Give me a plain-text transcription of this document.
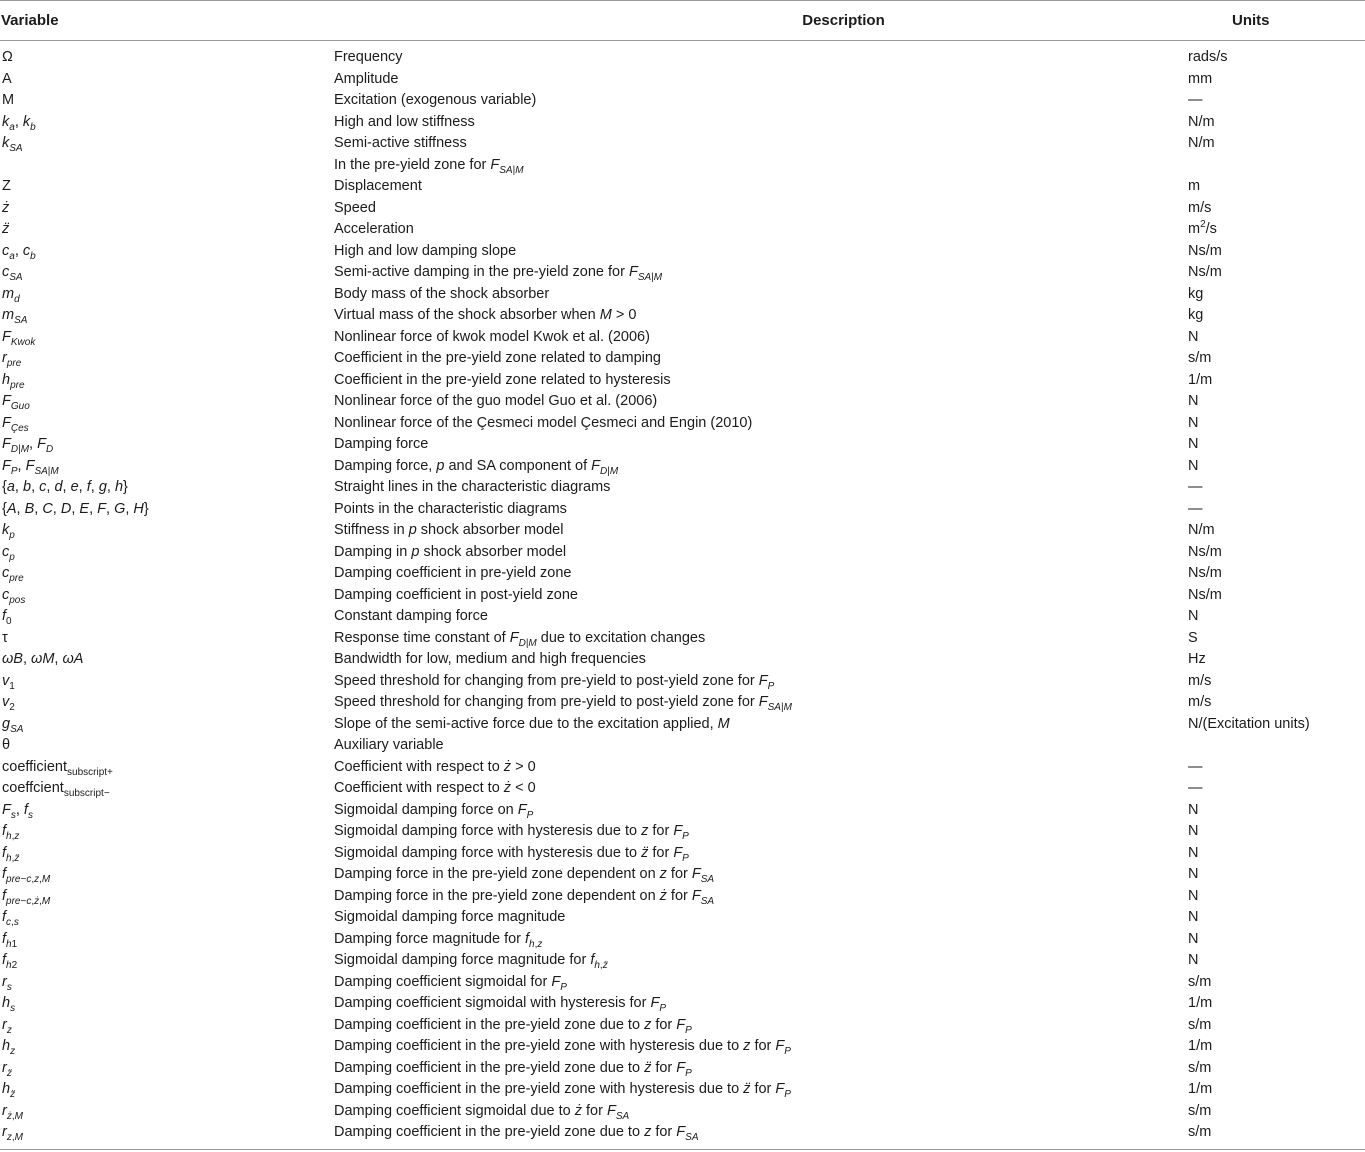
Variable	Description	Units
Ω	Frequency	rads/s
A	Amplitude	mm
M	Excitation (exogenous variable)	—
$k_a$, $k_b$	High and low stiffness	N/m
$k_{SA}$	Semi-active stiffness	N/m
	In the pre-yield zone for $F_{SA|M}$	
Z	Displacement	m
ż	Speed	m/s
z̈	Acceleration	$m^2/s$
$c_a$, $c_b$	High and low damping slope	Ns/m
$c_{SA}$	Semi-active damping in the pre-yield zone for $F_{SA|M}$	Ns/m
$m_d$	Body mass of the shock absorber	kg
$m_{SA}$	Virtual mass of the shock absorber when M > 0	kg
$F_{Kwok}$	Nonlinear force of kwok model Kwok et al. (2006)	N
$r_{pre}$	Coefficient in the pre-yield zone related to damping	s/m
$h_{pre}$	Coefficient in the pre-yield zone related to hysteresis	1/m
$F_{Guo}$	Nonlinear force of the guo model Guo et al. (2006)	N
$F_{Çes}$	Nonlinear force of the Çesmeci model Çesmeci and Engin (2010)	N
$F_{D|M}$, $F_D$	Damping force	N
$F_P$, $F_{SA|M}$	Damping force, p and SA component of $F_{D|M}$	N
{a, b, c, d, e, f, g, h}	Straight lines in the characteristic diagrams	—
{A, B, C, D, E, F, G, H}	Points in the characteristic diagrams	—
$k_p$	Stiffness in p shock absorber model	N/m
$c_p$	Damping in p shock absorber model	Ns/m
$c_{pre}$	Damping coefficient in pre-yield zone	Ns/m
$c_{pos}$	Damping coefficient in post-yield zone	Ns/m
$f_0$	Constant damping force	N
τ	Response time constant of $F_{D|M}$ due to excitation changes	S
ωB, ωM, ωA	Bandwidth for low, medium and high frequencies	Hz
$v_1$	Speed threshold for changing from pre-yield to post-yield zone for $F_P$	m/s
$v_2$	Speed threshold for changing from pre-yield to post-yield zone for $F_{SA|M}$	m/s
$g_{SA}$	Slope of the semi-active force due to the excitation applied, M	N/(Excitation units)
θ	Auxiliary variable	
coefficient$_{subscript+}$	Coefficient with respect to ż > 0	—
coeffcient$_{subscript-}$	Coefficient with respect to ż < 0	—
$F_s$, $f_s$	Sigmoidal damping force on $F_P$	N
$f_{h,z}$	Sigmoidal damping force with hysteresis due to z for $F_P$	N
$f_{h,z̈}$	Sigmoidal damping force with hysteresis due to z̈ for $F_P$	N
$f_{pre-c,z,M}$	Damping force in the pre-yield zone dependent on z for $F_{SA}$	N
$f_{pre-c,ż,M}$	Damping force in the pre-yield zone dependent on ż for $F_{SA}$	N
$f_{c,s}$	Sigmoidal damping force magnitude	N
$f_{h1}$	Damping force magnitude for $f_{h,z}$	N
$f_{h2}$	Sigmoidal damping force magnitude for $f_{h,z̈}$	N
$r_s$	Damping coefficient sigmoidal for $F_P$	s/m
$h_s$	Damping coefficient sigmoidal with hysteresis for $F_P$	1/m
$r_z$	Damping coefficient in the pre-yield zone due to z for $F_P$	s/m
$h_z$	Damping coefficient in the pre-yield zone with hysteresis due to z for $F_P$	1/m
$r_{z̈}$	Damping coefficient in the pre-yield zone due to z̈ for $F_P$	s/m
$h_{z̈}$	Damping coefficient in the pre-yield zone with hysteresis due to z̈ for $F_P$	1/m
$r_{ż,M}$	Damping coefficient sigmoidal due to ż for $F_{SA}$	s/m
$r_{z,M}$	Damping coefficient in the pre-yield zone due to z for $F_{SA}$	s/m
